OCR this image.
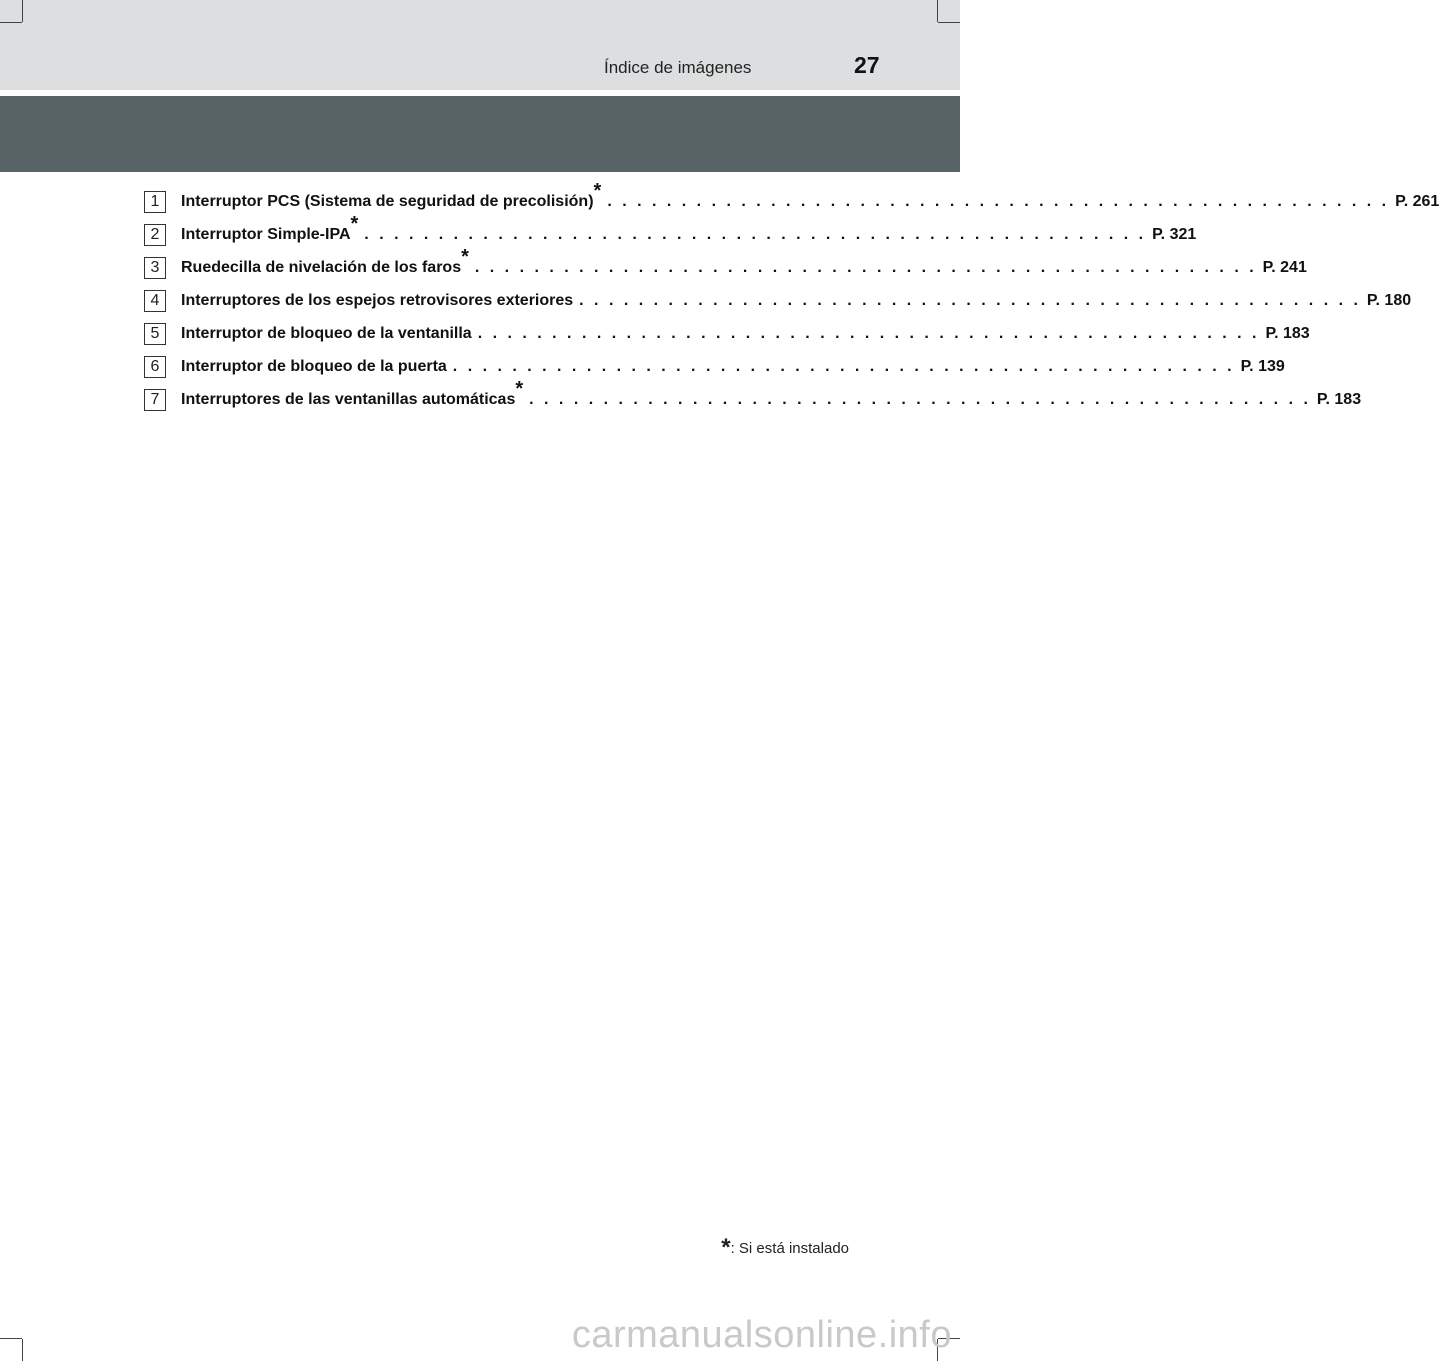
Índice de imágenes	27
1	Interruptor PCS (Sistema de seguridad de precolisión)* . . . . . . . . . . . . . . . . . . . . . . . . . . . . . . . . . . . . . . . . . . . . . . . . . . . . . P. 261
2	Interruptor Simple-IPA* . . . . . . . . . . . . . . . . . . . . . . . . . . . . . . . . . . . . . . . . . . . . . . . . . . . . . P. 321
3	Ruedecilla de nivelación de los faros* . . . . . . . . . . . . . . . . . . . . . . . . . . . . . . . . . . . . . . . . . . . . . . . . . . . . . P. 241
4	Interruptores de los espejos retrovisores exteriores . . . . . . . . . . . . . . . . . . . . . . . . . . . . . . . . . . . . . . . . . . . . . . . . . . . . . P. 180
5	Interruptor de bloqueo de la ventanilla . . . . . . . . . . . . . . . . . . . . . . . . . . . . . . . . . . . . . . . . . . . . . . . . . . . . . P. 183
6	Interruptor de bloqueo de la puerta . . . . . . . . . . . . . . . . . . . . . . . . . . . . . . . . . . . . . . . . . . . . . . . . . . . . . P. 139
7	Interruptores de las ventanillas automáticas* . . . . . . . . . . . . . . . . . . . . . . . . . . . . . . . . . . . . . . . . . . . . . . . . . . . . . P. 183
*: Si está instalado
carmanualsonline.info
